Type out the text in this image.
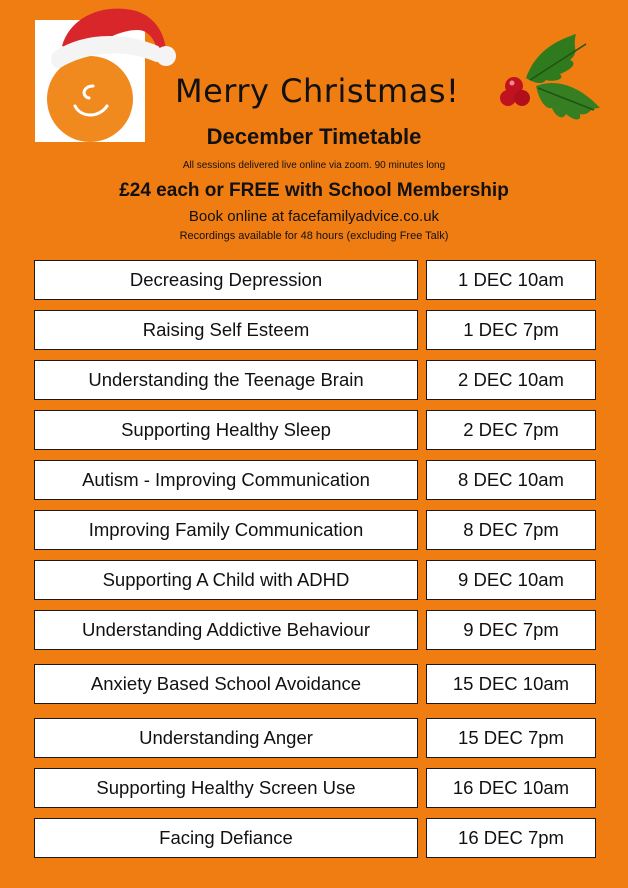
Merry Christmas!
December Timetable
All sessions delivered live online via zoom. 90 minutes long
£24 each or FREE with School Membership
Book online at facefamilyadvice.co.uk
Recordings available for 48 hours (excluding Free Talk)
Decreasing Depression	1 DEC 10am
Raising Self Esteem	1 DEC 7pm
Understanding the Teenage Brain	2 DEC 10am
Supporting Healthy Sleep	2 DEC 7pm
Autism - Improving Communication	8 DEC 10am
Improving Family Communication	8 DEC 7pm
Supporting A Child with ADHD	9 DEC 10am
Understanding Addictive Behaviour	9 DEC 7pm
Anxiety Based School Avoidance	15 DEC 10am
Understanding Anger	15 DEC 7pm
Supporting Healthy Screen Use	16 DEC 10am
Facing Defiance	16 DEC 7pm
